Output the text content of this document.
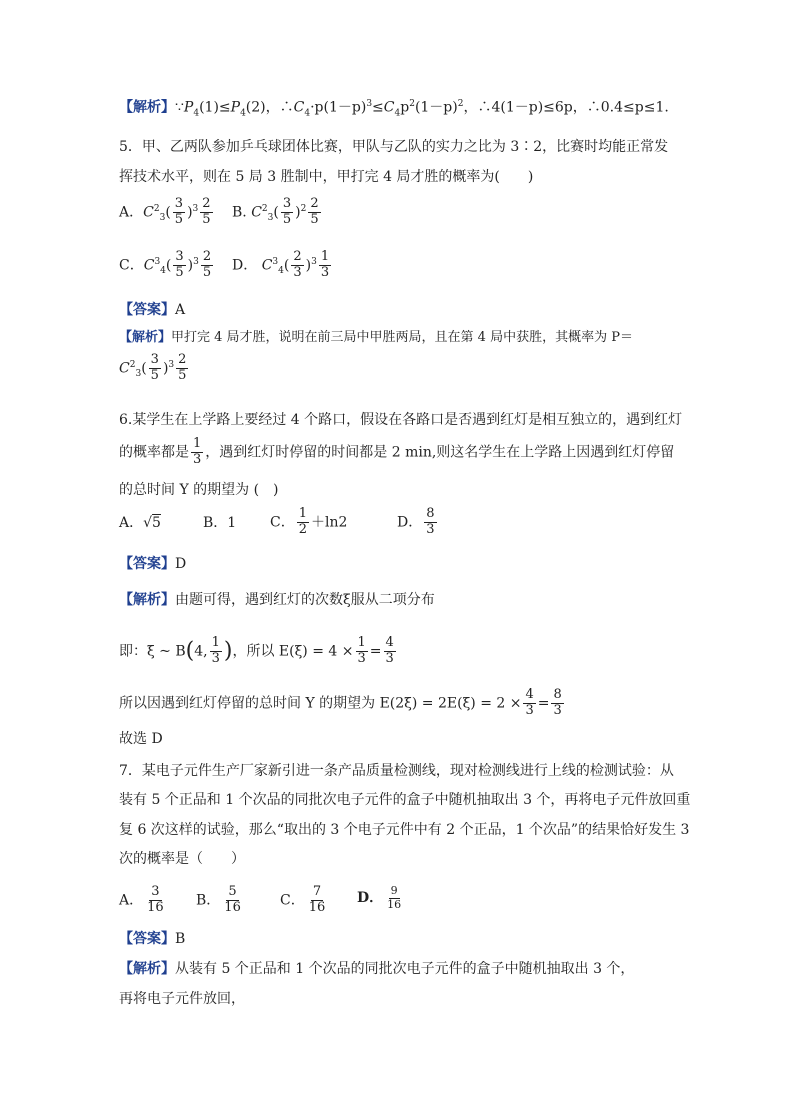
【解析】$\because P_4(1)\le P_4(2)$，$\therefore C_4\cdot p(1-p)^3\le C_4p^2(1-p)^2$，∴4(1－p)≤6p，∴0.4≤p≤1.
5．甲、乙两队参加乒乓球团体比赛，甲队与乙队的实力之比为 3∶2，比赛时均能正常发
挥技术水平，则在 5 局 3 胜制中，甲打完 4 局才胜的概率为(　　)
A．$C^2_3( \frac{3}{5} )^3 \frac{2}{5} B$. $C^2_3( \frac{3}{5} )^2 \frac{2}{5}$
C．$C^3_4( \frac{3}{5} )^3 \frac{2}{5}$ D． $C^3_4( \frac{2}{3} )^3 \frac{1}{3}$
【答案】A
【解析】甲打完 4 局才胜，说明在前三局中甲胜两局，且在第 4 局中获胜，其概率为 P＝
$C^2_3( \frac{3}{5} )^3 \frac{2}{5}$
6.某学生在上学路上要经过 4 个路口，假设在各路口是否遇到红灯是相互独立的，遇到红灯
的概率都是 $\frac{1}{3}$ ，遇到红灯时停留的时间都是 2 min,则这名学生在上学路上因遇到红灯停留
的总时间 Y 的期望为 (　)
A．√5	B．1 C． $\frac{1}{2} +\ln 2$	D． $\frac{8}{3}$
【答案】D
【解析】由题可得，遇到红灯的次数ξ服从二项分布
即：ξ ~ B(4, $\frac{1}{3}$ )，所以 $E(\xi) = 4 \times \frac{1}{3} = \frac{4}{3}$
所以因遇到红灯停留的总时间 Y 的期望为 $E(2\xi) = 2E(\xi) = 2 \times \frac{4}{3} = \frac{8}{3}$
故选 D
7．某电子元件生产厂家新引进一条产品质量检测线，现对检测线进行上线的检测试验：从
装有 5 个正品和 1 个次品的同批次电子元件的盒子中随机抽取出 3 个，再将电子元件放回重
复 6 次这样的试验，那么“取出的 3 个电子元件中有 2 个正品，1 个次品”的结果恰好发生 3
次的概率是（　　）
A． $\frac{3}{16}$ B． $\frac{5}{16}$	C． $\frac{7}{16}$ D． $\frac{9}{16}$
【答案】B
【解析】从装有 5 个正品和 1 个次品的同批次电子元件的盒子中随机抽取出 3 个，
再将电子元件放回，
